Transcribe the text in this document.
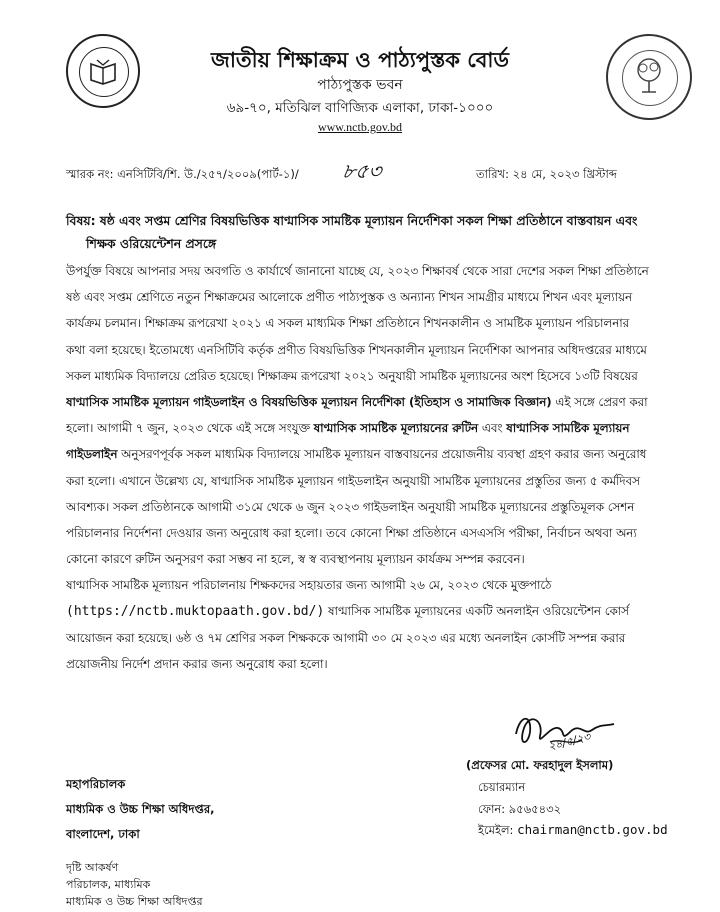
জাতীয় শিক্ষাক্রম ও পাঠ্যপুস্তক বোর্ড
পাঠ্যপুস্তক ভবন
৬৯-৭০, মতিঝিল বাণিজ্যিক এলাকা, ঢাকা-১০০০
www.nctb.gov.bd
স্মারক নং: এনসিটিবি/শি. উ./২৫৭/২০০৯(পার্ট-১)/ ৮৫৩	তারিখ: ২৪ মে, ২০২৩ খ্রিস্টাব্দ
বিষয়: ষষ্ঠ এবং সপ্তম শ্রেণির বিষয়ভিত্তিক ষাণ্মাসিক সামষ্টিক মূল্যায়ন নির্দেশিকা সকল শিক্ষা প্রতিষ্ঠানে বাস্তবায়ন এবং
শিক্ষক ওরিয়েন্টেশন প্রসঙ্গে
উপর্যুক্ত বিষয়ে আপনার সদয় অবগতি ও কার্যার্থে জানানো যাচ্ছে যে, ২০২৩ শিক্ষাবর্ষ থেকে সারা দেশের সকল শিক্ষা প্রতিষ্ঠানে
ষষ্ঠ এবং সপ্তম শ্রেণিতে নতুন শিক্ষাক্রমের আলোকে প্রণীত পাঠ্যপুস্তক ও অন্যান্য শিখন সামগ্রীর মাধ্যমে শিখন এবং মূল্যায়ন
কার্যক্রম চলমান। শিক্ষাক্রম রূপরেখা ২০২১ এ সকল মাধ্যমিক শিক্ষা প্রতিষ্ঠানে শিখনকালীন ও সামষ্টিক মূল্যায়ন পরিচালনার
কথা বলা হয়েছে। ইতোমধ্যে এনসিটিবি কর্তৃক প্রণীত বিষয়ভিত্তিক শিখনকালীন মূল্যায়ন নির্দেশিকা আপনার অধিদপ্তরের মাধ্যমে
সকল মাধ্যমিক বিদ্যালয়ে প্রেরিত হয়েছে। শিক্ষাক্রম রূপরেখা ২০২১ অনুযায়ী সামষ্টিক মূল্যায়নের অংশ হিসেবে ১৩টি বিষয়ের
ষাণ্মাসিক সামষ্টিক মূল্যায়ন গাইডলাইন ও বিষয়ভিত্তিক মূল্যায়ন নির্দেশিকা (ইতিহাস ও সামাজিক বিজ্ঞান) এই সঙ্গে প্রেরণ করা
হলো। আগামী ৭ জুন, ২০২৩ থেকে এই সঙ্গে সংযুক্ত ষাণ্মাসিক সামষ্টিক মূল্যায়নের রুটিন এবং ষাণ্মাসিক সামষ্টিক মূল্যায়ন
গাইডলাইন অনুসরণপূর্বক সকল মাধ্যমিক বিদ্যালয়ে সামষ্টিক মূল্যায়ন বাস্তবায়নের প্রয়োজনীয় ব্যবস্থা গ্রহণ করার জন্য অনুরোধ
করা হলো। এখানে উল্লেখ্য যে, ষাণ্মাসিক সামষ্টিক মূল্যায়ন গাইডলাইন অনুযায়ী সামষ্টিক মূল্যায়নের প্রস্তুতির জন্য ৫ কর্মদিবস
আবশ্যক। সকল প্রতিষ্ঠানকে আগামী ৩১মে থেকে ৬ জুন ২০২৩ গাইডলাইন অনুযায়ী সামষ্টিক মূল্যায়নের প্রস্তুতিমূলক সেশন
পরিচালনার নির্দেশনা দেওয়ার জন্য অনুরোধ করা হলো। তবে কোনো শিক্ষা প্রতিষ্ঠানে এসএসসি পরীক্ষা, নির্বাচন অথবা অন্য
কোনো কারণে রুটিন অনুসরণ করা সম্ভব না হলে, স্ব স্ব ব্যবস্থাপনায় মূল্যায়ন কার্যক্রম সম্পন্ন করবেন।
ষাণ্মাসিক সামষ্টিক মূল্যায়ন পরিচালনায় শিক্ষকদের সহায়তার জন্য আগামী ২৬ মে, ২০২৩ থেকে মুক্তপাঠে
(https://nctb.muktopaath.gov.bd/) ষাণ্মাসিক সামষ্টিক মূল্যায়নের একটি অনলাইন ওরিয়েন্টেশন কোর্স
আয়োজন করা হয়েছে। ৬ষ্ঠ ও ৭ম শ্রেণির সকল শিক্ষককে আগামী ৩০ মে ২০২৩ এর মধ্যে অনলাইন কোর্সটি সম্পন্ন করার
প্রয়োজনীয় নির্দেশ প্রদান করার জন্য অনুরোধ করা হলো।
২৪/৫/২৩
(প্রফেসর মো. ফরহাদুল ইসলাম)
চেয়ারম্যান
ফোন: ৯৫৬৫৪৩২
ইমেইল: chairman@nctb.gov.bd
মহাপরিচালক
মাধ্যমিক ও উচ্চ শিক্ষা অধিদপ্তর,
বাংলাদেশ, ঢাকা
দৃষ্টি আকর্ষণ
পরিচালক, মাধ্যমিক
মাধ্যমিক ও উচ্চ শিক্ষা অধিদপ্তর
